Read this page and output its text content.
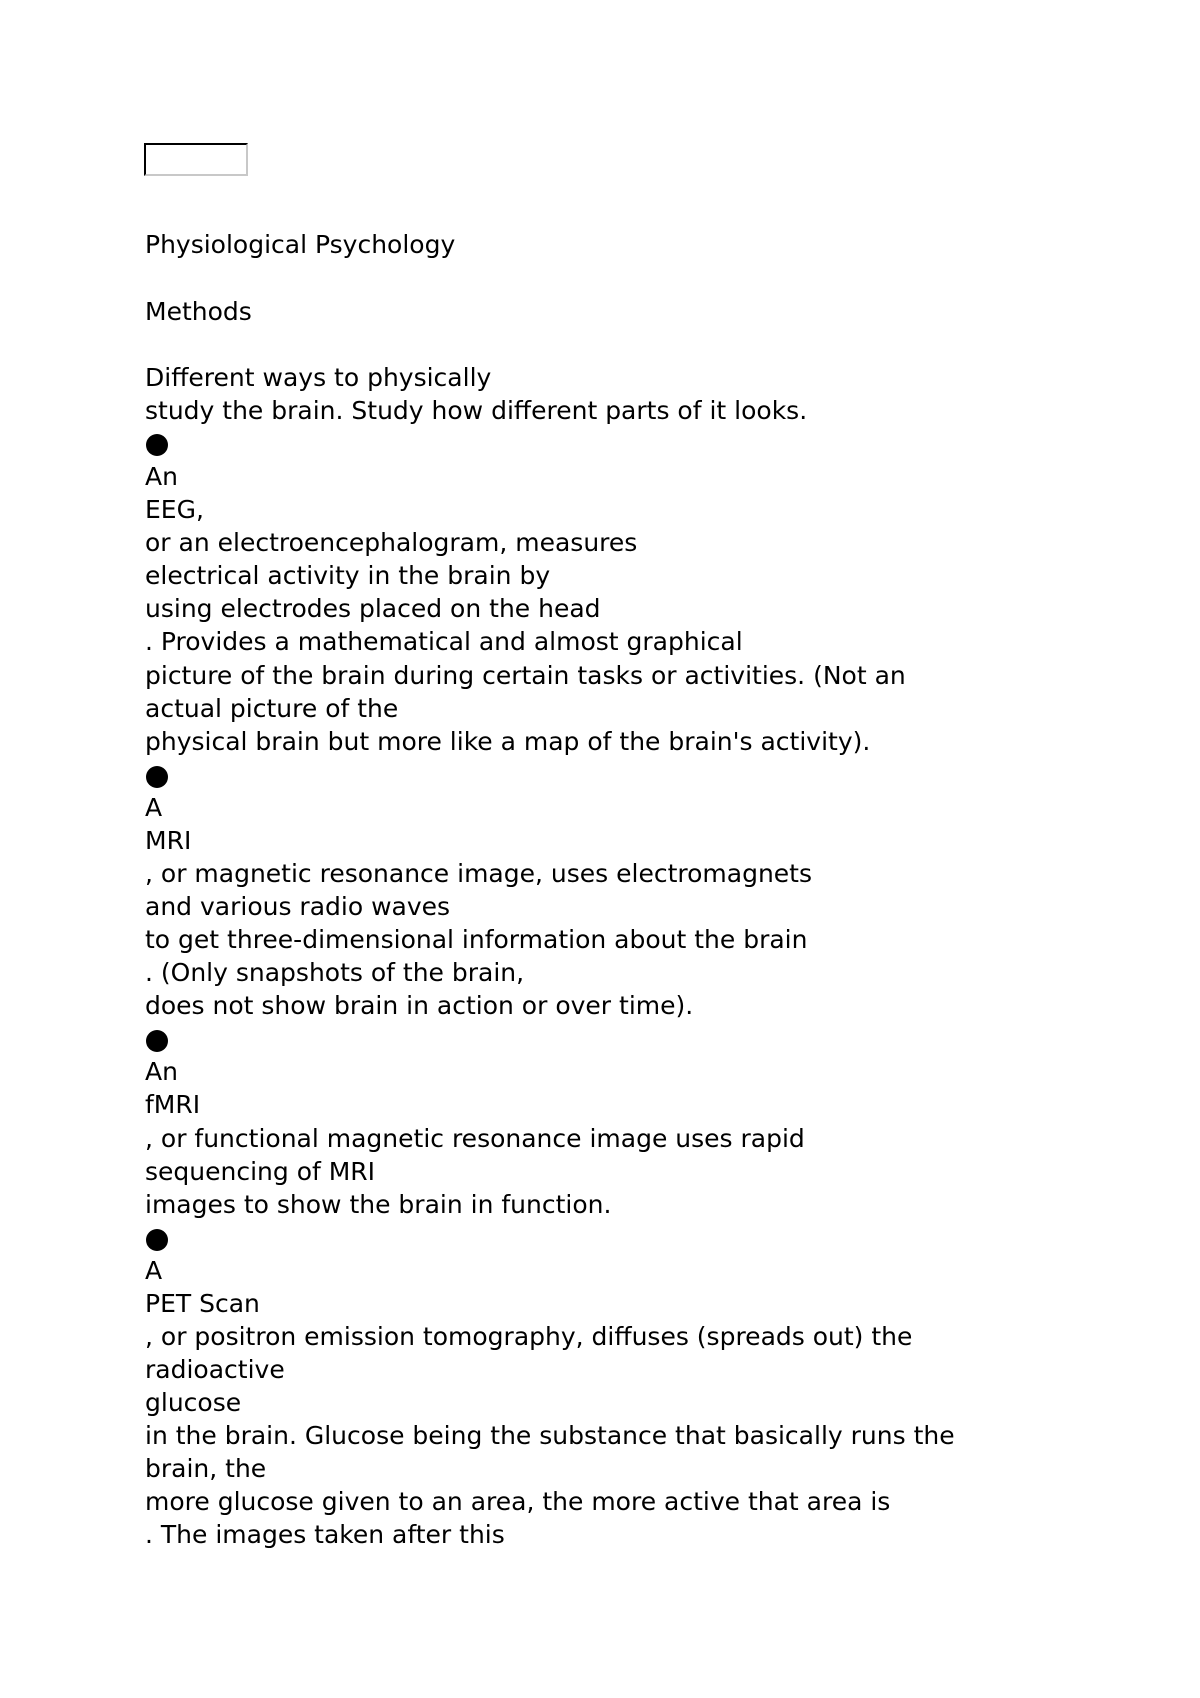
Physiological Psychology
Methods
Different ways to physically
study the brain. Study how different parts of it looks.
An
EEG,
or an electroencephalogram, measures
electrical activity in the brain by
using electrodes placed on the head
. Provides a mathematical and almost graphical
picture of the brain during certain tasks or activities. (Not an
actual picture of the
physical brain but more like a map of the brain's activity).
A
MRI
, or magnetic resonance image, uses electromagnets
and various radio waves
to get three-dimensional information about the brain
. (Only snapshots of the brain,
does not show brain in action or over time).
An
fMRI
, or functional magnetic resonance image uses rapid
sequencing of MRI
images to show the brain in function.
A
PET Scan
, or positron emission tomography, diffuses (spreads out) the
radioactive
glucose
in the brain. Glucose being the substance that basically runs the
brain, the
more glucose given to an area, the more active that area is
. The images taken after this
